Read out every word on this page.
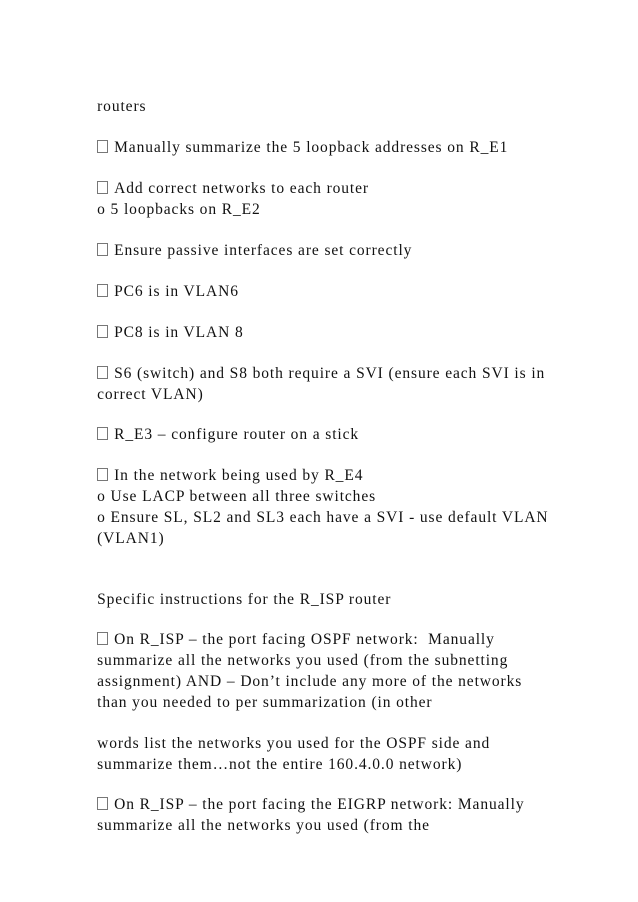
routers

Manually summarize the 5 loopback addresses on R_E1

Add correct networks to each router

o 5 loopbacks on R_E2

Ensure passive interfaces are set correctly

PC6 is in VLAN6

PC8 is in VLAN 8

S6 (switch) and S8 both require a SVI (ensure each SVI is in

correct VLAN)

R_E3 – configure router on a stick

In the network being used by R_E4

o Use LACP between all three switches

o Ensure SL, SL2 and SL3 each have a SVI - use default VLAN

(VLAN1)

Specific instructions for the R_ISP router

On R_ISP – the port facing OSPF network:  Manually

summarize all the networks you used (from the subnetting

assignment) AND – Don’t include any more of the networks

than you needed to per summarization (in other

words list the networks you used for the OSPF side and

summarize them…not the entire 160.4.0.0 network)

On R_ISP – the port facing the EIGRP network: Manually

summarize all the networks you used (from the
